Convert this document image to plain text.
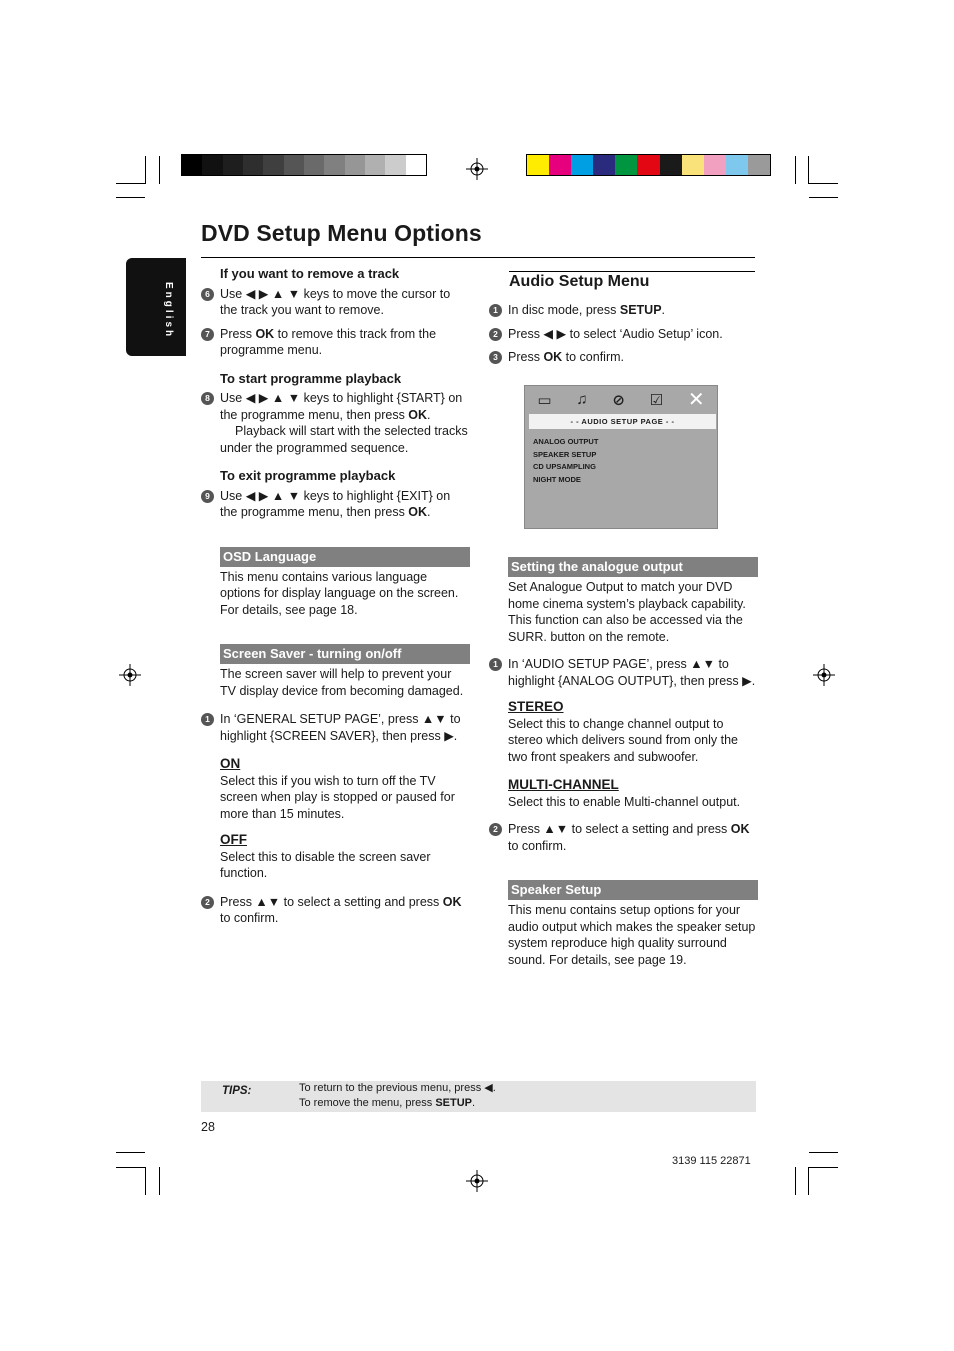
DVD Setup Menu Options
English

If you want to remove a track

6 Use ◀ ▶ ▲ ▼ keys to move the cursor to the track you want to remove.

7 Press OK to remove this track from the programme menu.

To start programme playback

8 Use ◀ ▶ ▲ ▼ keys to highlight {START} on the programme menu, then press OK.

Playback will start with the selected tracks under the programmed sequence.

To exit programme playback

9 Use ◀ ▶ ▲ ▼ keys to highlight {EXIT} on the programme menu, then press OK.

OSD Language

This menu contains various language options for display language on the screen. For details, see page 18.

Screen Saver - turning on/off

The screen saver will help to prevent your TV display device from becoming damaged.

1 In ‘GENERAL SETUP PAGE’, press ▲▼ to highlight {SCREEN SAVER}, then press ▶.

ON

Select this if you wish to turn off the TV screen when play is stopped or paused for more than 15 minutes.

OFF

Select this to disable the screen saver function.

2 Press ▲▼ to select a setting and press OK to confirm.

Audio Setup Menu

1 In disc mode, press SETUP.

2 Press ◀ ▶ to select ‘Audio Setup’ icon.

3 Press OK to confirm.

▭ ♫ ⊘ ☑ ✕
- - AUDIO SETUP PAGE - -
ANALOG OUTPUT
SPEAKER SETUP
CD UPSAMPLING
NIGHT MODE
Setting the analogue output

Set Analogue Output to match your DVD home cinema system’s playback capability. This function can also be accessed via the SURR. button on the remote.

1 In ‘AUDIO SETUP PAGE’, press ▲▼ to highlight {ANALOG OUTPUT}, then press ▶.

STEREO

Select this to change channel output to stereo which delivers sound from only the two front speakers and subwoofer.

MULTI-CHANNEL

Select this to enable Multi-channel output.

2 Press ▲▼ to select a setting and press OK to confirm.

Speaker Setup

This menu contains setup options for your audio output which makes the speaker setup system reproduce high quality surround sound. For details, see page 19.

TIPS:	To return to the previous menu, press ◀.
To remove the menu, press SETUP.
28
3139 115 22871
